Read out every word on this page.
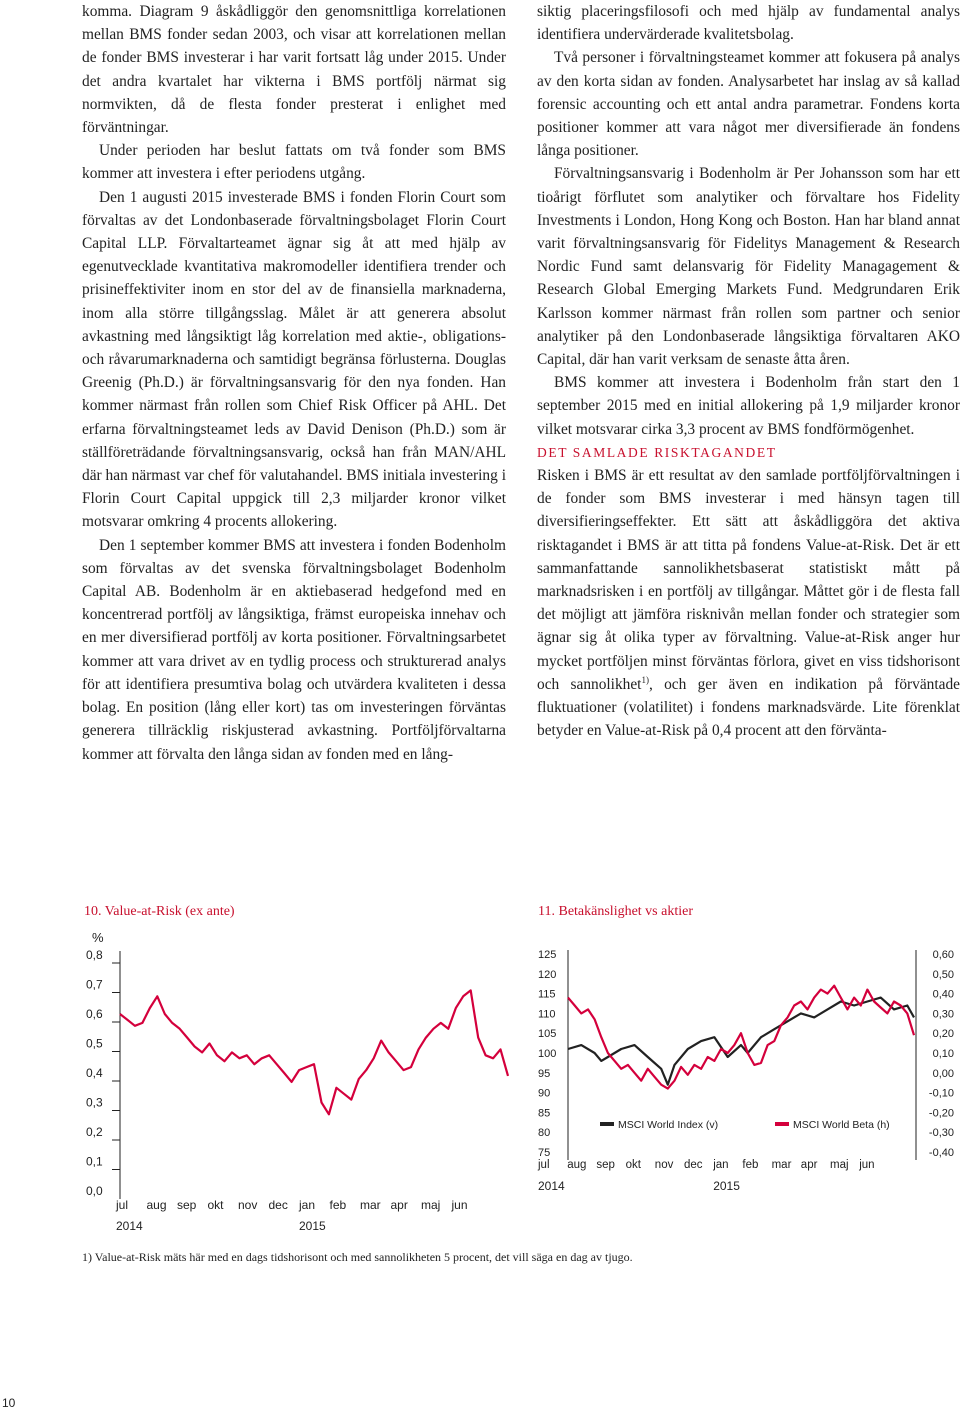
komma. Diagram 9 åskådliggör den genomsnittliga korrelationen mellan BMS fonder sedan 2003, och visar att korrelationen mellan de fonder BMS investerar i har varit fortsatt låg under 2015. Under det andra kvartalet har vikterna i BMS portfölj närmat sig normvikten, då de flesta fonder presterat i enlighet med förväntningar.

Under perioden har beslut fattats om två fonder som BMS kommer att investera i efter periodens utgång.

Den 1 augusti 2015 investerade BMS i fonden Florin Court som förvaltas av det Londonbaserade förvaltningsbolaget Florin Court Capital LLP. Förvaltarteamet ägnar sig åt att med hjälp av egenutvecklade kvantitativa makromodeller identifiera trender och prisineffektiviter inom en stor del av de finansiella marknaderna, inom alla större tillgångsslag. Målet är att generera absolut avkastning med långsiktigt låg korrelation med aktie-, obligations- och råvarumarknaderna och samtidigt begränsa förlusterna. Douglas Greenig (Ph.D.) är förvaltningsansvarig för den nya fonden. Han kommer närmast från rollen som Chief Risk Officer på AHL. Det erfarna förvaltningsteamet leds av David Denison (Ph.D.) som är ställföreträdande förvaltningsansvarig, också han från MAN/AHL där han närmast var chef för valutahandel. BMS initiala investering i Florin Court Capital uppgick till 2,3 miljarder kronor vilket motsvarar omkring 4 procents allokering.

Den 1 september kommer BMS att investera i fonden Bodenholm som förvaltas av det svenska förvaltningsbolaget Bodenholm Capital AB. Bodenholm är en aktiebaserad hedgefond med en koncentrerad portfölj av långsiktiga, främst europeiska innehav och en mer diversifierad portfölj av korta positioner. Förvaltningsarbetet kommer att vara drivet av en tydlig process och strukturerad analys för att identifiera presumtiva bolag och utvärdera kvaliteten i dessa bolag. En position (lång eller kort) tas om investeringen förväntas generera tillräcklig riskjusterad avkastning. Portföljförvaltarna kommer att förvalta den långa sidan av fonden med en lång-

siktig placeringsfilosofi och med hjälp av fundamental analys identifiera undervärderade kvalitetsbolag.

Två personer i förvaltningsteamet kommer att fokusera på analys av den korta sidan av fonden. Analysarbetet har inslag av så kallad forensic accounting och ett antal andra parametrar. Fondens korta positioner kommer att vara något mer diversifierade än fondens långa positioner.

Förvaltningsansvarig i Bodenholm är Per Johansson som har ett tioårigt förflutet som analytiker och förvaltare hos Fidelity Investments i London, Hong Kong och Boston. Han har bland annat varit förvaltningsansvarig för Fidelitys Management & Research Nordic Fund samt delansvarig för Fidelity Managagement & Research Global Emerging Markets Fund. Medgrundaren Erik Karlsson kommer närmast från rollen som partner och senior analytiker på den Londonbaserade långsiktiga förvaltaren AKO Capital, där han varit verksam de senaste åtta åren.

BMS kommer att investera i Bodenholm från start den 1 september 2015 med en initial allokering på 1,9 miljarder kronor vilket motsvarar cirka 3,3 procent av BMS fondförmögenhet.

DET SAMLADE RISKTAGANDET

Risken i BMS är ett resultat av den samlade portföljförvaltningen i de fonder som BMS investerar i med hänsyn tagen till diversifieringseffekter. Ett sätt att åskådliggöra det aktiva risktagandet i BMS är att titta på fondens Value-at-Risk. Det är ett sammanfattande sannolikhetsbaserat statistiskt mått på marknadsrisken i en portfölj av tillgångar. Måttet gör i de flesta fall det möjligt att jämföra risknivån mellan fonder och strategier som ägnar sig åt olika typer av förvaltning. Value-at-Risk anger hur mycket portföljen minst förväntas förlora, givet en viss tidshorisont och sannolikhet$^{1)}$, och ger även en indikation på förväntade fluktuationer (volatilitet) i fondens marknadsvärde. Lite förenklat betyder en Value-at-Risk på 0,4 procent att den förvänta-

10. Value-at-Risk (ex ante)
%
0,8
0,7
0,6
0,5
0,4
0,3
0,2
0,1
0,0
jul aug sep okt nov dec jan feb mar apr maj jun
2014	2015
11. Betakänslighet vs aktier
125
120
115
110
105
100
95
90
85
80
75
0,60
0,50
0,40
0,30
0,20
0,10
0,00
-0,10
-0,20
-0,30
-0,40
jul aug sep okt nov dec jan feb mar apr maj jun
2014	2015
MSCI World Index (v)	MSCI World Beta (h)
1) Value-at-Risk mäts här med en dags tidshorisont och med sannolikheten 5 procent, det vill säga en dag av tjugo.
10
